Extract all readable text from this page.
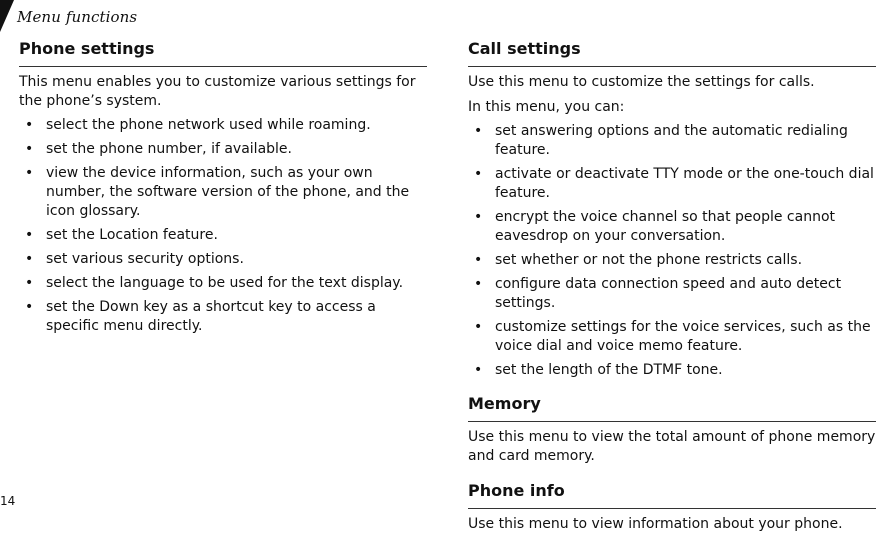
Menu functions
Phone settings

This menu enables you to customize various settings for the phone’s system.

• select the phone network used while roaming.
• set the phone number, if available.
• view the device information, such as your own number, the software version of the phone, and the icon glossary.
• set the Location feature.
• set various security options.
• select the language to be used for the text display.
• set the Down key as a shortcut key to access a specific menu directly.
Call settings

Use this menu to customize the settings for calls.

In this menu, you can:

• set answering options and the automatic redialing feature.
• activate or deactivate TTY mode or the one-touch dial feature.
• encrypt the voice channel so that people cannot eavesdrop on your conversation.
• set whether or not the phone restricts calls.
• configure data connection speed and auto detect settings.
• customize settings for the voice services, such as the voice dial and voice memo feature.
• set the length of the DTMF tone.
Memory

Use this menu to view the total amount of phone memory and card memory.

Phone info

Use this menu to view information about your phone.

14
